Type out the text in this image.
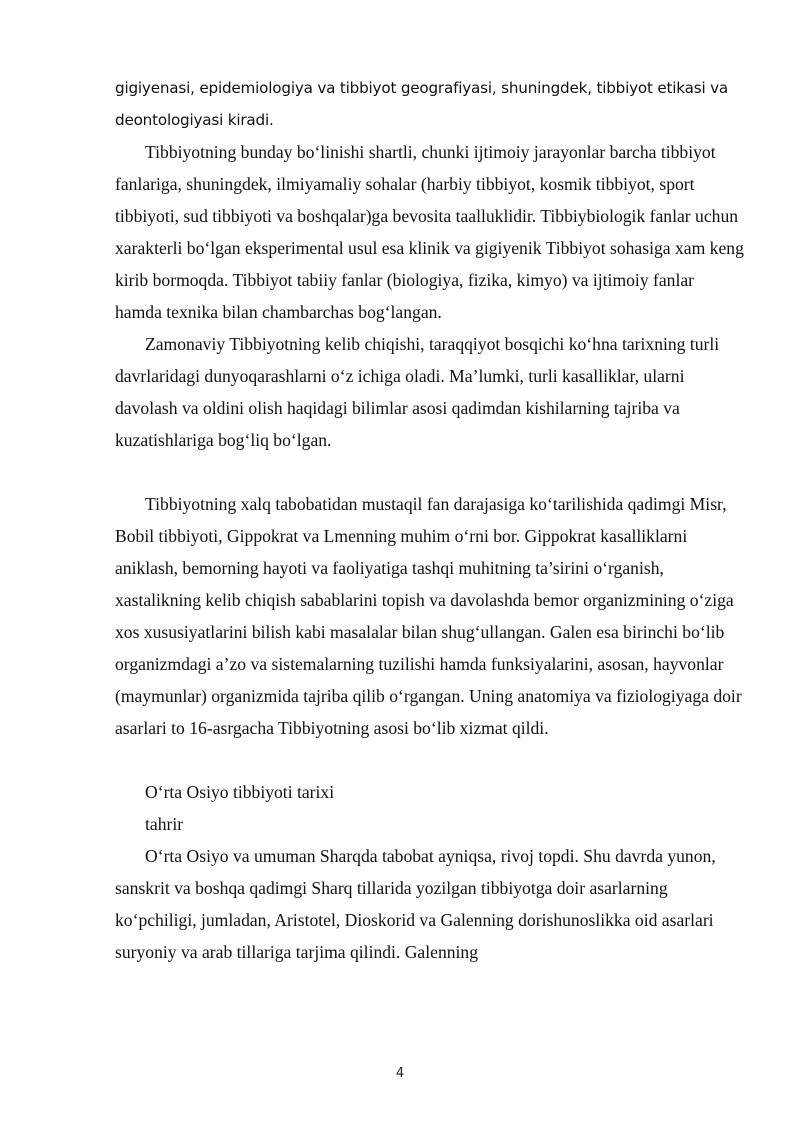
gigiyenasi, epidemiologiya va tibbiyot geografiyasi, shuningdek, tibbiyot etikasi va deontologiyasi kiradi.

Tibbiyotning bunday bo‘linishi shartli, chunki ijtimoiy jarayonlar barcha tibbiyot fanlariga, shuningdek, ilmiyamaliy sohalar (harbiy tibbiyot, kosmik tibbiyot, sport tibbiyoti, sud tibbiyoti va boshqalar)ga bevosita taalluklidir. Tibbiybiologik fanlar uchun xarakterli bo‘lgan eksperimental usul esa klinik va gigiyenik Tibbiyot sohasiga xam keng kirib bormoqda. Tibbiyot tabiiy fanlar (biologiya, fizika, kimyo) va ijtimoiy fanlar hamda texnika bilan chambarchas bog‘langan.

Zamonaviy Tibbiyotning kelib chiqishi, taraqqiyot bosqichi ko‘hna tarixning turli davrlaridagi dunyoqarashlarni o‘z ichiga oladi. Ma’lumki, turli kasalliklar, ularni davolash va oldini olish haqidagi bilimlar asosi qadimdan kishilarning tajriba va kuzatishlariga bog‘liq bo‘lgan.

Tibbiyotning xalq tabobatidan mustaqil fan darajasiga ko‘tarilishida qadimgi Misr, Bobil tibbiyoti, Gippokrat va Lmenning muhim o‘rni bor. Gippokrat kasalliklarni aniklash, bemorning hayoti va faoliyatiga tashqi muhitning ta’sirini o‘rganish, xastalikning kelib chiqish sabablarini topish va davolashda bemor organizmining o‘ziga xos xususiyatlarini bilish kabi masalalar bilan shug‘ullangan. Galen esa birinchi bo‘lib organizmdagi a’zo va sistemalarning tuzilishi hamda funksiyalarini, asosan, hayvonlar (maymunlar) organizmida tajriba qilib o‘rgangan. Uning anatomiya va fiziologiyaga doir asarlari to 16-asrgacha Tibbiyotning asosi bo‘lib xizmat qildi.

O‘rta Osiyo tibbiyoti tarixi

tahrir

O‘rta Osiyo va umuman Sharqda tabobat ayniqsa, rivoj topdi. Shu davrda yunon, sanskrit va boshqa qadimgi Sharq tillarida yozilgan tibbiyotga doir asarlarning ko‘pchiligi, jumladan, Aristotel, Dioskorid va Galenning dorishunoslikka oid asarlari suryoniy va arab tillariga tarjima qilindi. Galenning

4
